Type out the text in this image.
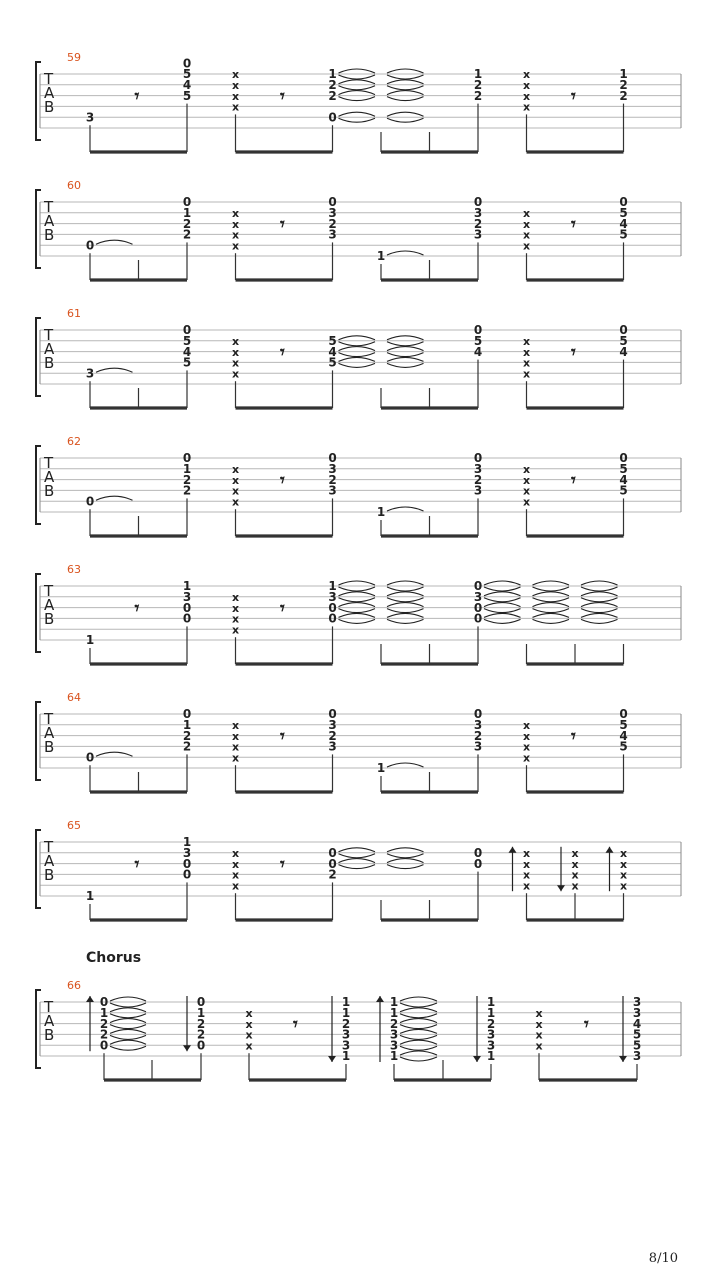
T
A
B
59
3
𝄾
0
5
4
5
x
x
x
x
𝄾
1
2
2
0
1
2
2
x
x
x
x
𝄾
1
2
2
T
A
B
60
0
0
1
2
2
x
x
x
x
𝄾
0
3
2
3
1
0
3
2
3
x
x
x
x
𝄾
0
5
4
5
T
A
B
61
3
0
5
4
5
x
x
x
x
𝄾
5
4
5
0
5
4
x
x
x
x
𝄾
0
5
4
T
A
B
62
0
0
1
2
2
x
x
x
x
𝄾
0
3
2
3
1
0
3
2
3
x
x
x
x
𝄾
0
5
4
5
T
A
B
63
1
𝄾
1
3
0
0
x
x
x
x
𝄾
1
3
0
0
0
3
0
0
T
A
B
64
0
0
1
2
2
x
x
x
x
𝄾
0
3
2
3
1
0
3
2
3
x
x
x
x
𝄾
0
5
4
5
T
A
B
65
1
𝄾
1
3
0
0
x
x
x
x
𝄾
0
0
2
0
0
x
x
x
x
x
x
x
x
x
x
x
x
T
A
B
66
Chorus
0
1
2
2
0
0
1
2
2
0
x
x
x
x
𝄾
1
1
2
3
3
1
1
1
2
3
3
1
1
1
2
3
3
1
x
x
x
x
𝄾
3
3
4
5
5
3
8/10
